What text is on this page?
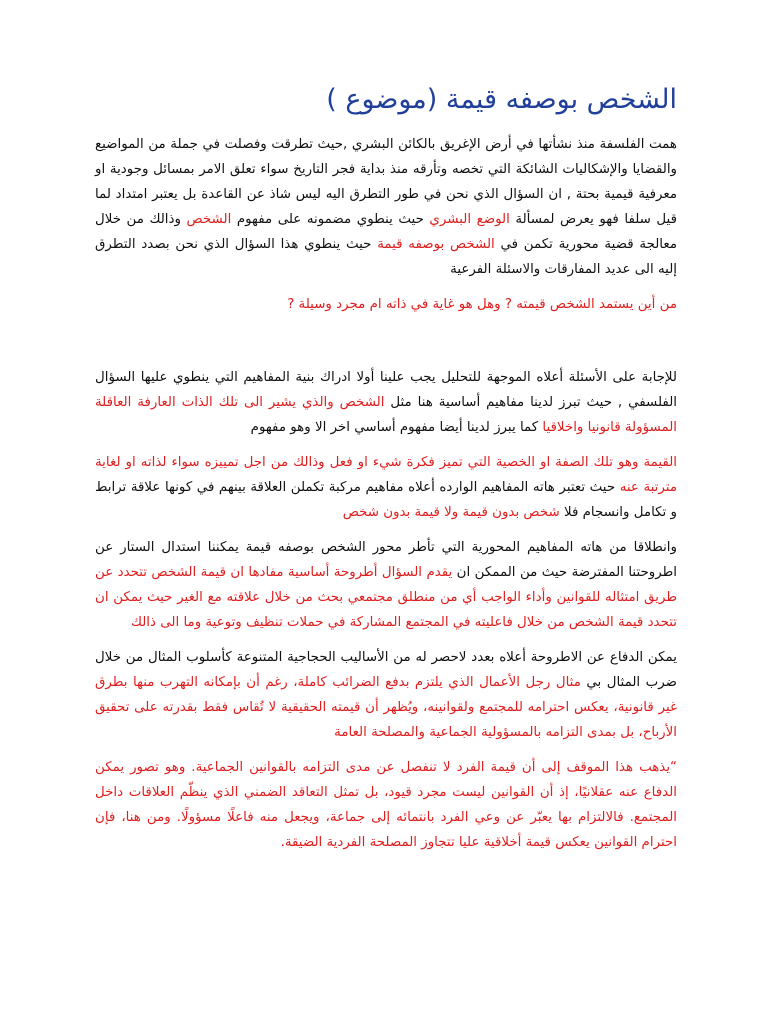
الشخص بوصفه قيمة (موضوع )

همت الفلسفة منذ نشأتها في أرض الإغريق بالكائن البشري ,حيث تطرقت وفصلت في جملة من المواضيع والقضايا والإشكاليات الشائكة التي تخصه وتأرقه منذ بداية فجر التاريخ سواء تعلق الامر بمسائل وجودية او معرفية قيمية بحتة , ان السؤال الذي نحن في طور التطرق اليه ليس شاذ عن القاعدة بل يعتبر امتداد لما قيل سلفا فهو يعرض لمسألة الوضع البشري حيث ينطوي مضمونه على مفهوم الشخص وذالك من خلال معالجة قضية محورية تكمن في الشخص بوصفه قيمة حيث ينطوي هذا السؤال الذي نحن بصدد التطرق إليه الى عديد المفارقات والاسئلة الفرعية

من أين يستمد الشخص قيمته ? وهل هو غاية في ذاته ام مجرد وسيلة ?

للإجابة على الأسئلة أعلاه الموجهة للتحليل يجب علينا أولا ادراك بنية المفاهيم التي ينطوي عليها السؤال الفلسفي , حيث تبرز لدينا مفاهيم أساسية هنا مثل الشخص والذي يشير الى تلك الذات العارفة العاقلة المسؤولة قانونيا واخلاقيا كما يبرز لدينا أيضا مفهوم أساسي اخر الا وهو مفهوم

القيمة وهو تلك الصفة او الخصية التي تميز فكرة شيء او فعل وذالك من اجل تمييزه سواء لذاته او لغاية مترتبة عنه حيث تعتبر هاته المفاهيم الوارده أعلاه مفاهيم مركبة تكملن العلاقة بينهم في كونها علاقة ترابط و تكامل وانسجام فلا شخص بدون قيمة ولا قيمة بدون شخص

وانطلاقا من هاته المفاهيم المحورية التي تأطر محور الشخص بوصفه قيمة يمكننا استدال الستار عن اطروحتنا المفترضة حيث من الممكن ان يقدم السؤال أطروحة أساسية مفادها ان قيمة الشخص تتحدد عن طريق امتثاله للقوانين وأداء الواجب أي من منطلق مجتمعي بحث من خلال علاقته مع الغير حيث يمكن ان تتحدد قيمة الشخص من خلال فاعليته في المجتمع المشاركة في حملات تنظيف وتوعية وما الى ذالك

يمكن الدفاع عن الاطروحة أعلاه بعدد لاحصر له من الأساليب الحجاجية المتنوعة كأسلوب المثال من خلال ضرب المثال بي مثال رجل الأعمال الذي يلتزم بدفع الضرائب كاملة، رغم أن بإمكانه التهرب منها بطرق غير قانونية، يعكس احترامه للمجتمع ولقوانينه، ويُظهر أن قيمته الحقيقية لا تُقاس فقط بقدرته على تحقيق الأرباح، بل بمدى التزامه بالمسؤولية الجماعية والمصلحة العامة

“يذهب هذا الموقف إلى أن قيمة الفرد لا تنفصل عن مدى التزامه بالقوانين الجماعية. وهو تصور يمكن الدفاع عنه عقلانيًا، إذ أن القوانين ليست مجرد قيود، بل تمثل التعاقد الضمني الذي ينظّم العلاقات داخل المجتمع. فالالتزام بها يعبّر عن وعي الفرد بانتمائه إلى جماعة، ويجعل منه فاعلًا مسؤولًا. ومن هنا، فإن احترام القوانين يعكس قيمة أخلاقية عليا تتجاوز المصلحة الفردية الضيقة.
